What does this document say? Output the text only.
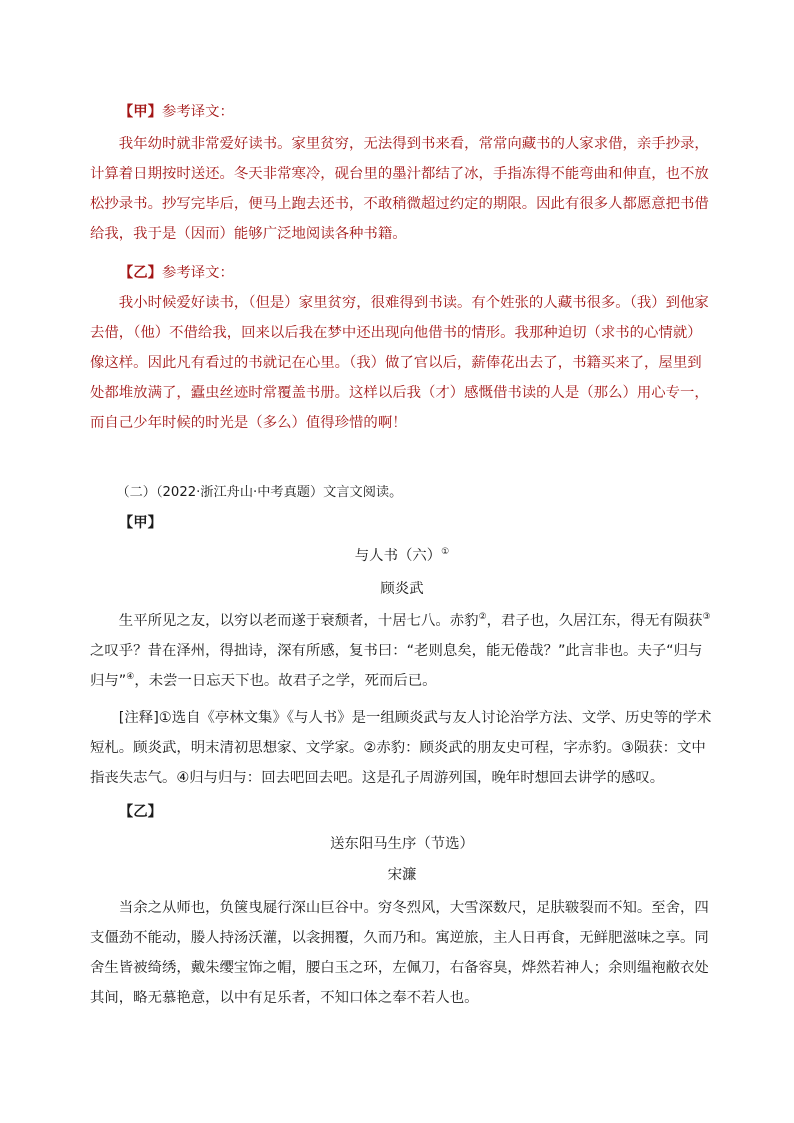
【甲】参考译文：

我年幼时就非常爱好读书。家里贫穷，无法得到书来看，常常向藏书的人家求借，亲手抄录，计算着日期按时送还。冬天非常寒冷，砚台里的墨汁都结了冰，手指冻得不能弯曲和伸直，也不放松抄录书。抄写完毕后，便马上跑去还书，不敢稍微超过约定的期限。因此有很多人都愿意把书借给我，我于是（因而）能够广泛地阅读各种书籍。

【乙】参考译文：

我小时候爱好读书，（但是）家里贫穷，很难得到书读。有个姓张的人藏书很多。（我）到他家去借，（他）不借给我，回来以后我在梦中还出现向他借书的情形。我那种迫切（求书的心情就）像这样。因此凡有看过的书就记在心里。（我）做了官以后，薪俸花出去了，书籍买来了，屋里到处都堆放满了，蠹虫丝迹时常覆盖书册。这样以后我（才）感慨借书读的人是（那么）用心专一，而自己少年时候的时光是（多么）值得珍惜的啊！

（二）（2022·浙江舟山·中考真题）文言文阅读。

【甲】

与人书（六）①

顾炎武

生平所见之友，以穷以老而遂于衰颓者，十居七八。赤豹②，君子也，久居江东，得无有陨获③之叹乎？昔在泽州，得拙诗，深有所感，复书曰：“老则息矣，能无倦哉？”此言非也。夫子“归与归与”④，未尝一日忘天下也。故君子之学，死而后已。

[注释]①选自《亭林文集》《与人书》是一组顾炎武与友人讨论治学方法、文学、历史等的学术短札。顾炎武，明末清初思想家、文学家。②赤豹：顾炎武的朋友史可程，字赤豹。③陨获：文中指丧失志气。④归与归与：回去吧回去吧。这是孔子周游列国，晚年时想回去讲学的感叹。

【乙】

送东阳马生序（节选）

宋濂

当余之从师也，负箧曳屣行深山巨谷中。穷冬烈风，大雪深数尺，足肤皲裂而不知。至舍，四支僵劲不能动，媵人持汤沃灌，以衾拥覆，久而乃和。寓逆旅，主人日再食，无鲜肥滋味之享。同舍生皆被绮绣，戴朱缨宝饰之帽，腰白玉之环，左佩刀，右备容臭，烨然若神人；余则缊袍敝衣处其间，略无慕艳意，以中有足乐者，不知口体之奉不若人也。
